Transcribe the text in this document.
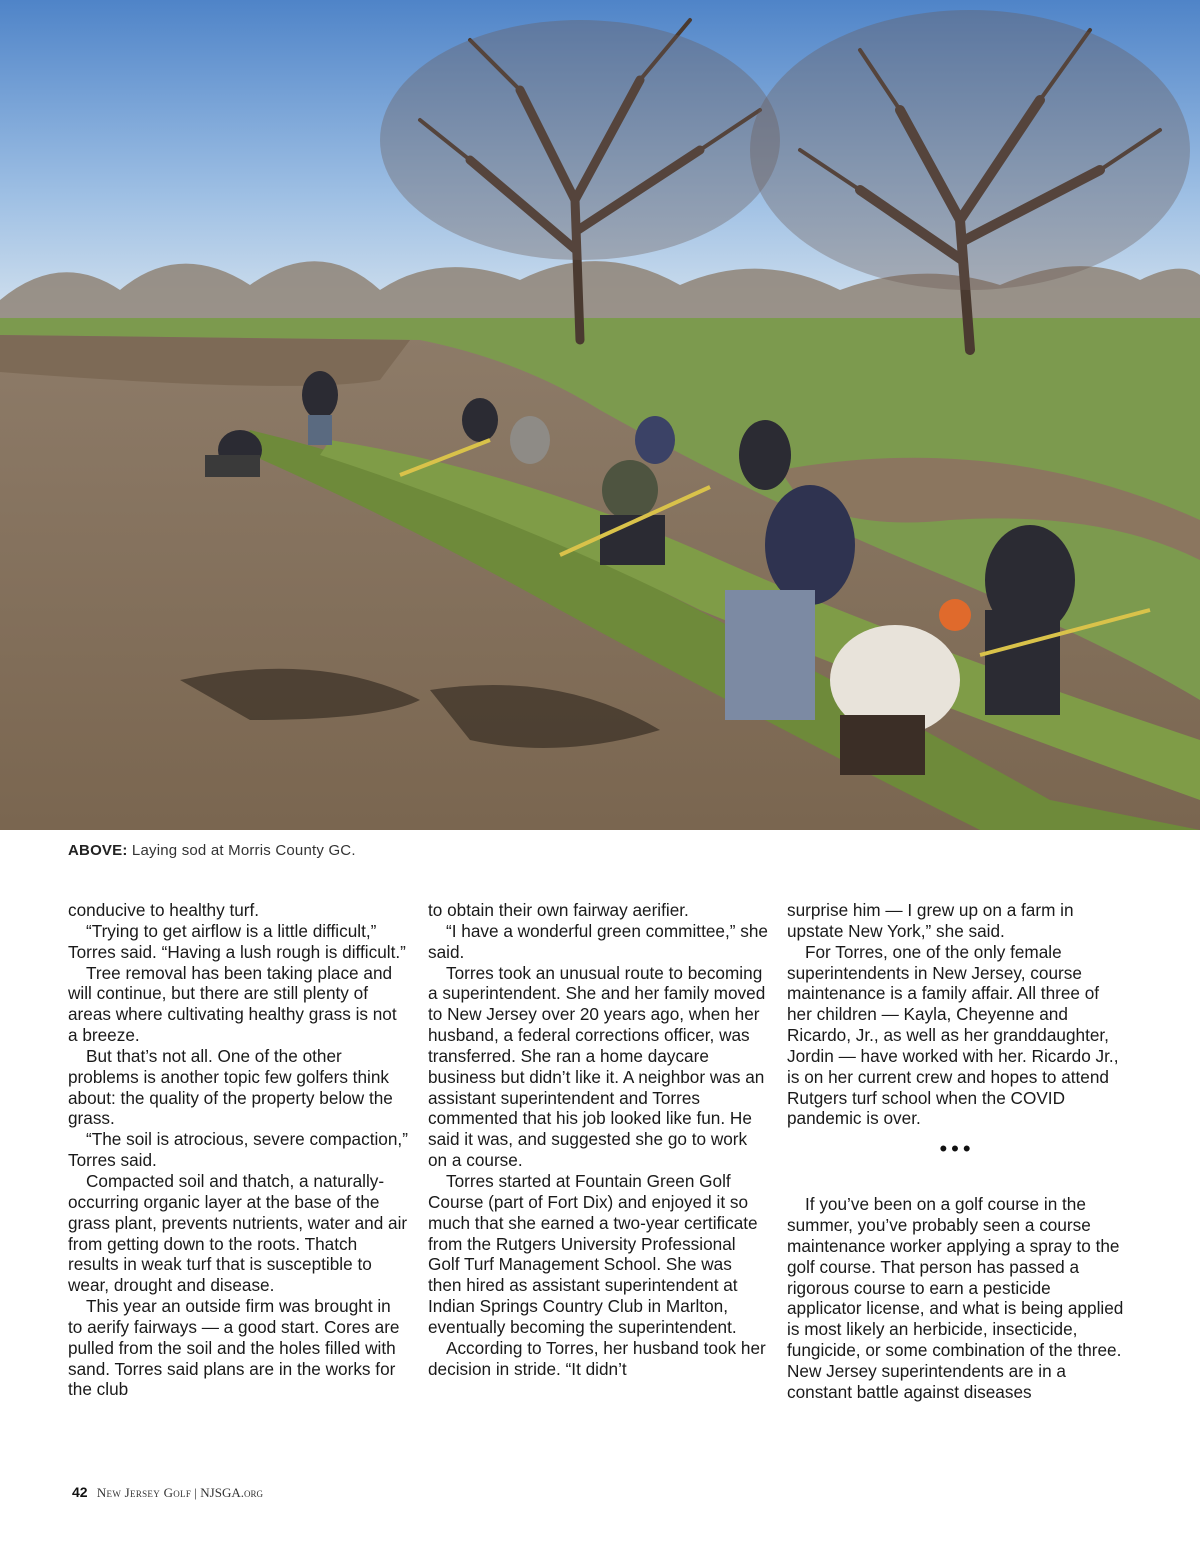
ABOVE: Laying sod at Morris County GC.

conducive to healthy turf.

“Trying to get airflow is a little difficult,” Torres said. “Having a lush rough is difficult.”

Tree removal has been taking place and will continue, but there are still plenty of areas where cultivating healthy grass is not a breeze.

But that’s not all. One of the other problems is another topic few golfers think about: the quality of the property below the grass.

“The soil is atrocious, severe compaction,” Torres said.

Compacted soil and thatch, a naturally-occurring organic layer at the base of the grass plant, prevents nutrients, water and air from getting down to the roots. Thatch results in weak turf that is susceptible to wear, drought and disease.

This year an outside firm was brought in to aerify fairways — a good start. Cores are pulled from the soil and the holes filled with sand. Torres said plans are in the works for the club

to obtain their own fairway aerifier.

“I have a wonderful green committee,” she said.

Torres took an unusual route to becoming a superintendent. She and her family moved to New Jersey over 20 years ago, when her husband, a federal corrections officer, was transferred. She ran a home daycare business but didn’t like it. A neighbor was an assistant superintendent and Torres commented that his job looked like fun. He said it was, and suggested she go to work on a course.

Torres started at Fountain Green Golf Course (part of Fort Dix) and enjoyed it so much that she earned a two-year certificate from the Rutgers University Professional Golf Turf Management School. She was then hired as assistant superintendent at Indian Springs Country Club in Marlton, eventually becoming the superintendent.

According to Torres, her husband took her decision in stride. “It didn’t

surprise him — I grew up on a farm in upstate New York,” she said.

For Torres, one of the only female superintendents in New Jersey, course maintenance is a family affair. All three of her children — Kayla, Cheyenne and Ricardo, Jr., as well as her granddaughter, Jordin — have worked with her. Ricardo Jr., is on her current crew and hopes to attend Rutgers turf school when the COVID pandemic is over.

•••

If you’ve been on a golf course in the summer, you’ve probably seen a course maintenance worker applying a spray to the golf course. That person has passed a rigorous course to earn a pesticide applicator license, and what is being applied is most likely an herbicide, insecticide, fungicide, or some combination of the three. New Jersey superintendents are in a constant battle against diseases

42 New Jersey Golf | NJSGA.org
